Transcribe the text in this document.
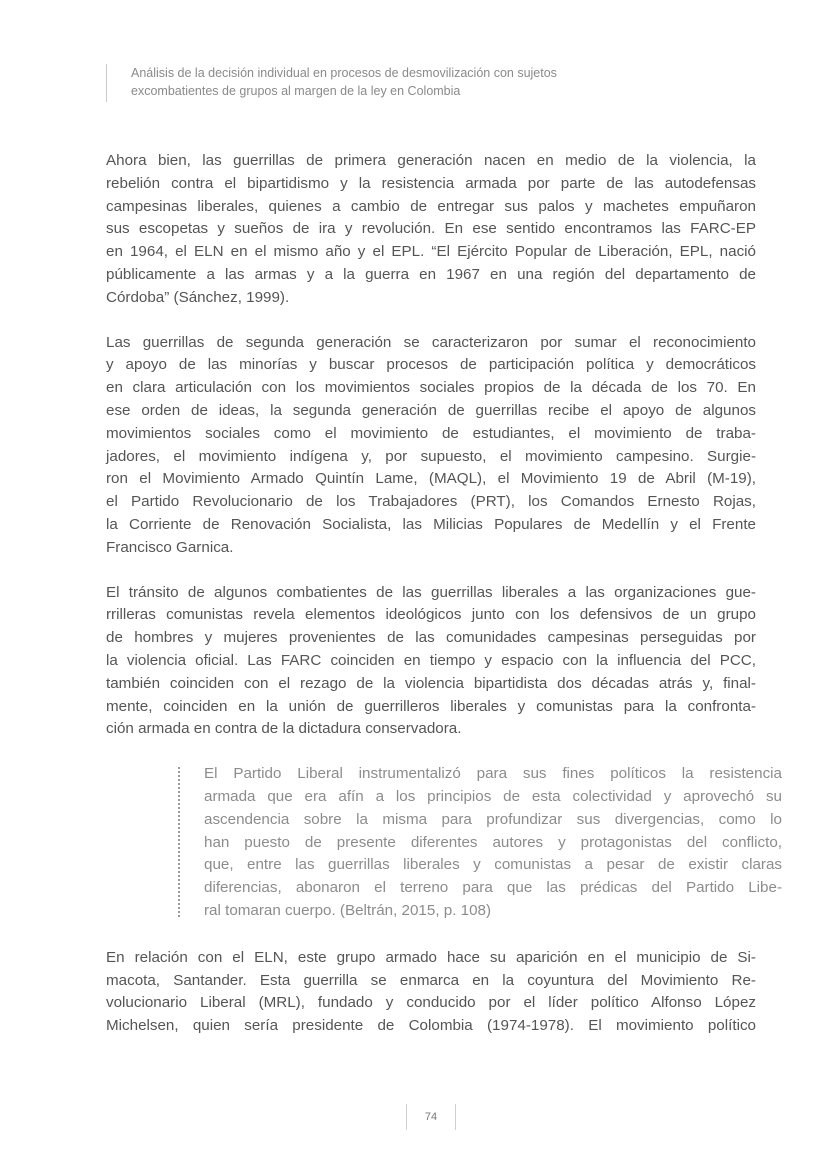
Análisis de la decisión individual en procesos de desmovilización con sujetos
excombatientes de grupos al margen de la ley en Colombia
Ahora bien, las guerrillas de primera generación nacen en medio de la violencia, la
rebelión contra el bipartidismo y la resistencia armada por parte de las autodefensas
campesinas liberales, quienes a cambio de entregar sus palos y machetes empuñaron
sus escopetas y sueños de ira y revolución. En ese sentido encontramos las FARC-EP
en 1964, el ELN en el mismo año y el EPL. “El Ejército Popular de Liberación, EPL, nació
públicamente a las armas y a la guerra en 1967 en una región del departamento de
Córdoba” (Sánchez, 1999).
Las guerrillas de segunda generación se caracterizaron por sumar el reconocimiento
y apoyo de las minorías y buscar procesos de participación política y democráticos
en clara articulación con los movimientos sociales propios de la década de los 70. En
ese orden de ideas, la segunda generación de guerrillas recibe el apoyo de algunos
movimientos sociales como el movimiento de estudiantes, el movimiento de traba-
jadores, el movimiento indígena y, por supuesto, el movimiento campesino. Surgie-
ron el Movimiento Armado Quintín Lame, (MAQL), el Movimiento 19 de Abril (M-19),
el Partido Revolucionario de los Trabajadores (PRT), los Comandos Ernesto Rojas,
la Corriente de Renovación Socialista, las Milicias Populares de Medellín y el Frente
Francisco Garnica.
El tránsito de algunos combatientes de las guerrillas liberales a las organizaciones gue-
rrilleras comunistas revela elementos ideológicos junto con los defensivos de un grupo
de hombres y mujeres provenientes de las comunidades campesinas perseguidas por
la violencia oficial. Las FARC coinciden en tiempo y espacio con la influencia del PCC,
también coinciden con el rezago de la violencia bipartidista dos décadas atrás y, final-
mente, coinciden en la unión de guerrilleros liberales y comunistas para la confronta-
ción armada en contra de la dictadura conservadora.
El Partido Liberal instrumentalizó para sus fines políticos la resistencia
armada que era afín a los principios de esta colectividad y aprovechó su
ascendencia sobre la misma para profundizar sus divergencias, como lo
han puesto de presente diferentes autores y protagonistas del conflicto,
que, entre las guerrillas liberales y comunistas a pesar de existir claras
diferencias, abonaron el terreno para que las prédicas del Partido Libe-
ral tomaran cuerpo. (Beltrán, 2015, p. 108)
En relación con el ELN, este grupo armado hace su aparición en el municipio de Si-
macota, Santander. Esta guerrilla se enmarca en la coyuntura del Movimiento Re-
volucionario Liberal (MRL), fundado y conducido por el líder político Alfonso López
Michelsen, quien sería presidente de Colombia (1974-1978). El movimiento político
74
